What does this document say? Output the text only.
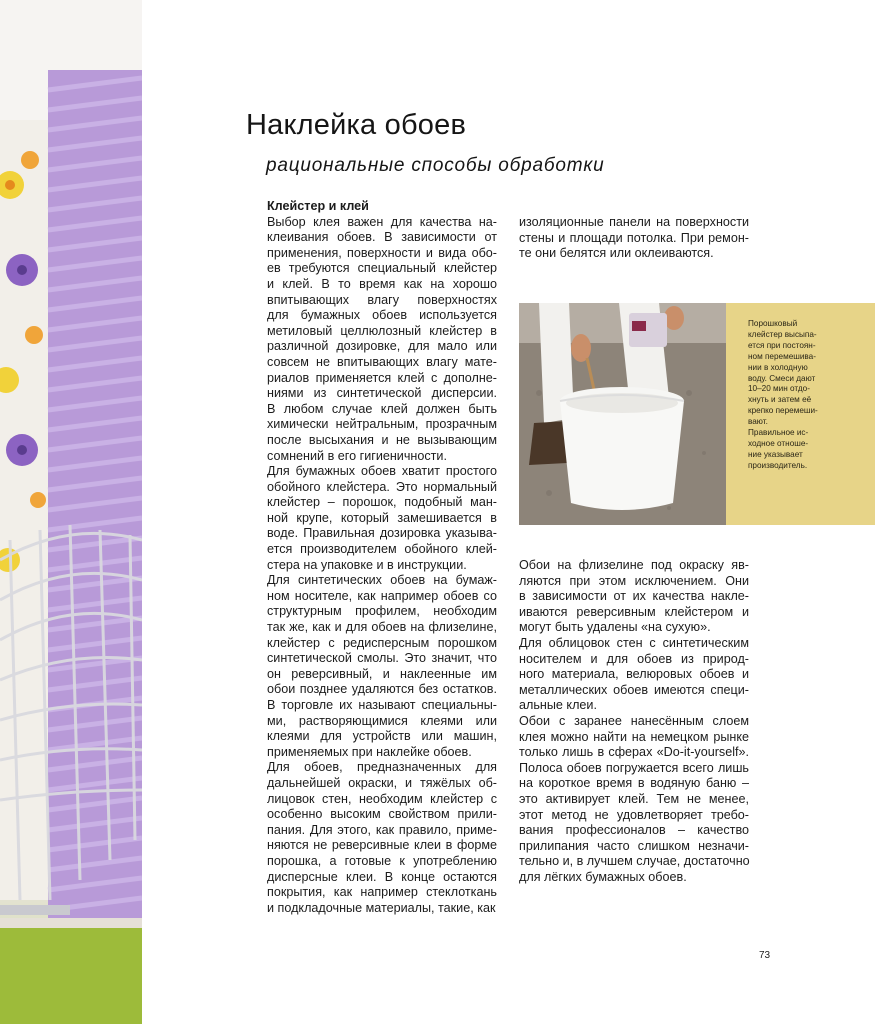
Наклейка обоев
рациональные способы обработки
Клейстер и клей

Выбор клея важен для качества на-
клеивания обоев. В зависимости от
применения, поверхности и вида обо-
ев требуются специальный клейстер
и клей. В то время как на хорошо
впитывающих влагу поверхностях
для бумажных обоев используется
метиловый целлюлозный клейстер в
различной дозировке, для мало или
совсем не впитывающих влагу мате-
риалов применяется клей с дополне-
ниями из синтетической дисперсии.
В любом случае клей должен быть
химически нейтральным, прозрачным
после высыхания и не вызывающим
сомнений в его гигиеничности.
Для бумажных обоев хватит простого
обойного клейстера. Это нормальный
клейстер – порошок, подобный ман-
ной крупе, который замешивается в
воде. Правильная дозировка указыва-
ется производителем обойного клей-
стера на упаковке и в инструкции.
Для синтетических обоев на бумаж-
ном носителе, как например обоев со
структурным профилем, необходим
так же, как и для обоев на флизелине,
клейстер с редисперсным порошком
синтетической смолы. Это значит, что
он реверсивный, и наклеенные им
обои позднее удаляются без остатков.
В торговле их называют специальны-
ми, растворяющимися клеями или
клеями для устройств или машин,
применяемых при наклейке обоев.
Для обоев, предназначенных для
дальнейшей окраски, и тяжёлых об-
лицовок стен, необходим клейстер с
особенно высоким свойством прили-
пания. Для этого, как правило, приме-
няются не реверсивные клеи в форме
порошка, а готовые к употреблению
дисперсные клеи. В конце остаются
покрытия, как например стеклоткань
и подкладочные материалы, такие, как

изоляционные панели на поверхности
стены и площади потолка. При ремон-
те они белятся или оклеиваются.

Порошковый
клейстер высыпа-
ется при постоян-
ном перемешива-
нии в холодную
воду. Смеси дают
10–20 мин отдо-
хнуть и затем её
крепко перемеши-
вают.
Правильное ис-
ходное отноше-
ние указывает
производитель.

Обои на флизелине под окраску яв-
ляются при этом исключением. Они
в зависимости от их качества накле-
иваются реверсивным клейстером и
могут быть удалены «на сухую».
Для облицовок стен с синтетическим
носителем и для обоев из природ-
ного материала, велюровых обоев и
металлических обоев имеются специ-
альные клеи.
Обои с заранее нанесённым слоем
клея можно найти на немецком рынке
только лишь в сферах «Do-it-yourself».
Полоса обоев погружается всего лишь
на короткое время в водяную баню –
это активирует клей. Тем не менее,
этот метод не удовлетворяет требо-
вания профессионалов – качество
прилипания часто слишком незначи-
тельно и, в лучшем случае, достаточно
для лёгких бумажных обоев.

73
